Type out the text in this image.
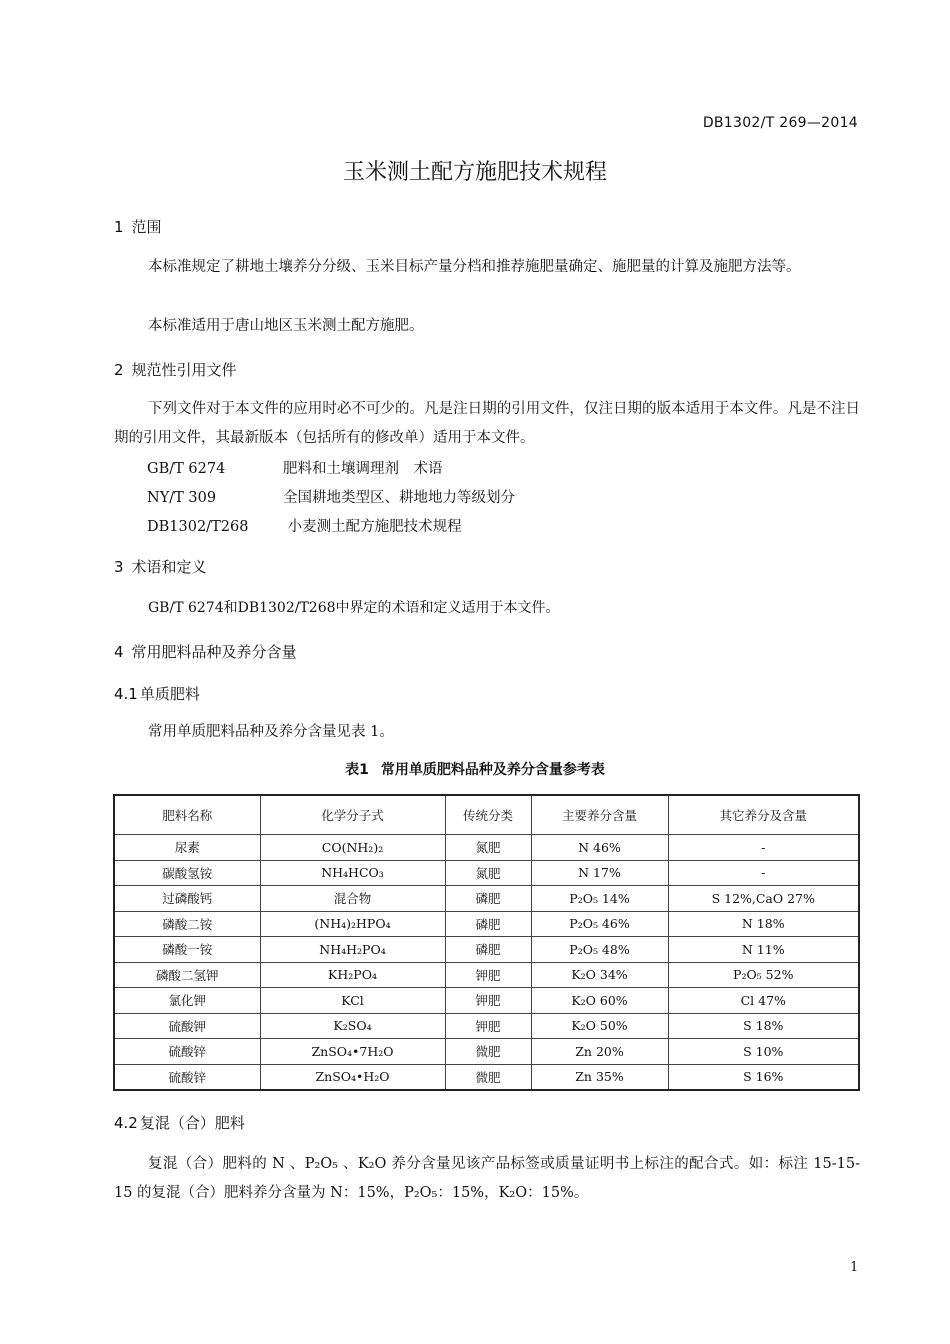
DB1302/T 269—2014
玉米测土配方施肥技术规程
1 范围
本标准规定了耕地土壤养分分级、玉米目标产量分档和推荐施肥量确定、施肥量的计算及施肥方法等。
本标准适用于唐山地区玉米测土配方施肥。
2 规范性引用文件
下列文件对于本文件的应用时必不可少的。凡是注日期的引用文件，仅注日期的版本适用于本文件。凡是不注日期的引用文件，其最新版本（包括所有的修改单）适用于本文件。
GB/T 6274	肥料和土壤调理剂　术语
NY/T 309	全国耕地类型区、耕地地力等级划分
DB1302/T268 小麦测土配方施肥技术规程
3 术语和定义
GB/T 6274和DB1302/T268中界定的术语和定义适用于本文件。
4 常用肥料品种及养分含量
4.1 单质肥料
常用单质肥料品种及养分含量见表 1。
表1 常用单质肥料品种及养分含量参考表
肥料名称	化学分子式	传统分类	主要养分含量	其它养分及含量
尿素	CO(NH₂)₂	氮肥	N 46%	-
碳酸氢铵	NH₄HCO₃	氮肥	N 17%	-
过磷酸钙	混合物	磷肥	P₂O₅ 14%	S 12%,CaO 27%
磷酸二铵	(NH₄)₂HPO₄	磷肥	P₂O₅ 46%	N 18%
磷酸一铵	NH₄H₂PO₄	磷肥	P₂O₅ 48%	N 11%
磷酸二氢钾	KH₂PO₄	钾肥	K₂O 34%	P₂O₅ 52%
氯化钾	KCl	钾肥	K₂O 60%	Cl 47%
硫酸钾	K₂SO₄	钾肥	K₂O 50%	S 18%
硫酸锌	ZnSO₄•7H₂O	微肥	Zn 20%	S 10%
硫酸锌	ZnSO₄•H₂O	微肥	Zn 35%	S 16%
4.2 复混（合）肥料
复混（合）肥料的 N 、P₂O₅ 、K₂O 养分含量见该产品标签或质量证明书上标注的配合式。如：标注 15-15-15 的复混（合）肥料养分含量为 N：15%，P₂O₅：15%，K₂O：15%。
1
